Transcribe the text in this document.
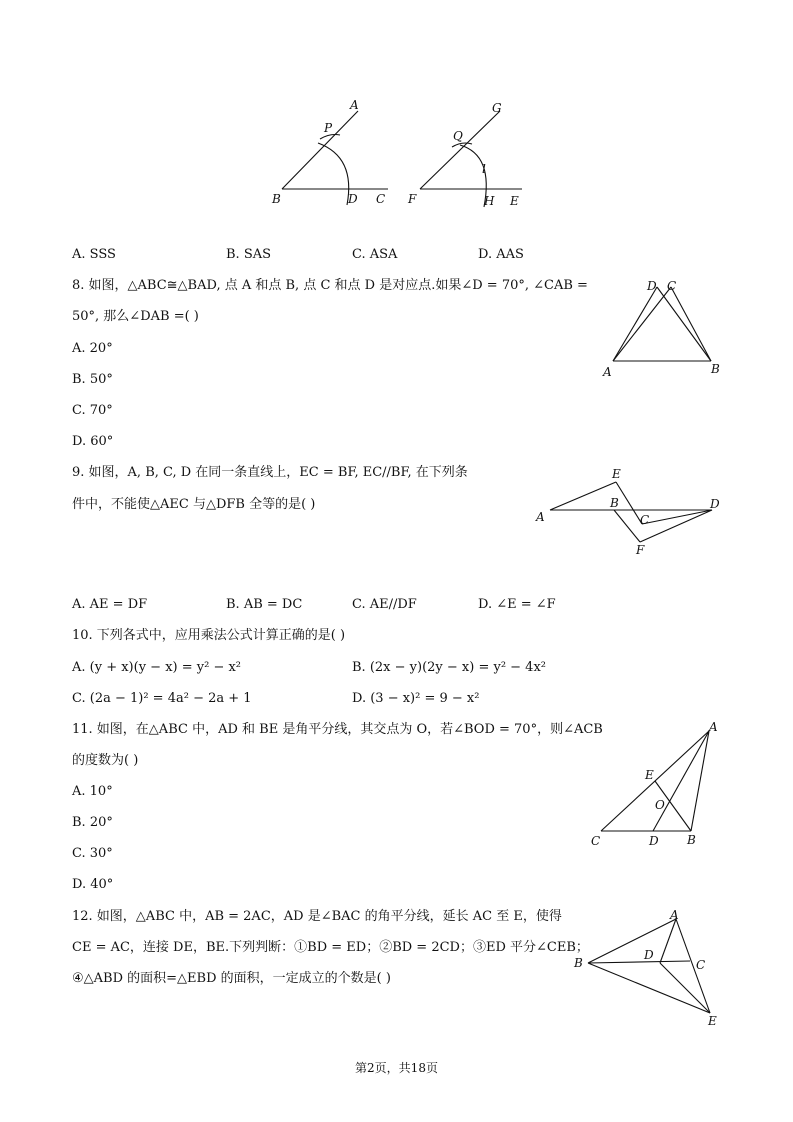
A
P
B	D C
G
Q
l
F	H E
A. SSS	B. SAS	C. ASA	D. AAS
8. 如图，△ABC≅△BAD, 点 A 和点 B, 点 C 和点 D 是对应点.如果∠D = 70°, ∠CAB =
50°, 那么∠DAB =( )
A. 20°
B. 50°
C. 70°
D. 60°
D C
A	B
9. 如图，A, B, C, D 在同一条直线上，EC = BF, EC//BF, 在下列条
件中，不能使△AEC 与△DFB 全等的是( )
E
B	D
A	C
F
A. AE = DF	B. AB = DC	C. AE//DF	D. ∠E = ∠F
10. 下列各式中，应用乘法公式计算正确的是( )
A. (y + x)(y − x) = y² − x²	B. (2x − y)(2y − x) = y² − 4x²
C. (2a − 1)² = 4a² − 2a + 1	D. (3 − x)² = 9 − x²
11. 如图，在△ABC 中，AD 和 BE 是角平分线，其交点为 O，若∠BOD = 70°，则∠ACB
的度数为( )
A. 10°
B. 20°
C. 30°
D. 40°
A
E
O
C	D B
12. 如图，△ABC 中，AB = 2AC，AD 是∠BAC 的角平分线，延长 AC 至 E，使得
CE = AC，连接 DE，BE.下列判断：①BD = ED；②BD = 2CD；③ED 平分∠CEB；
④△ABD 的面积=△EBD 的面积，一定成立的个数是( )
A
B
D
C
E
第2页，共18页
